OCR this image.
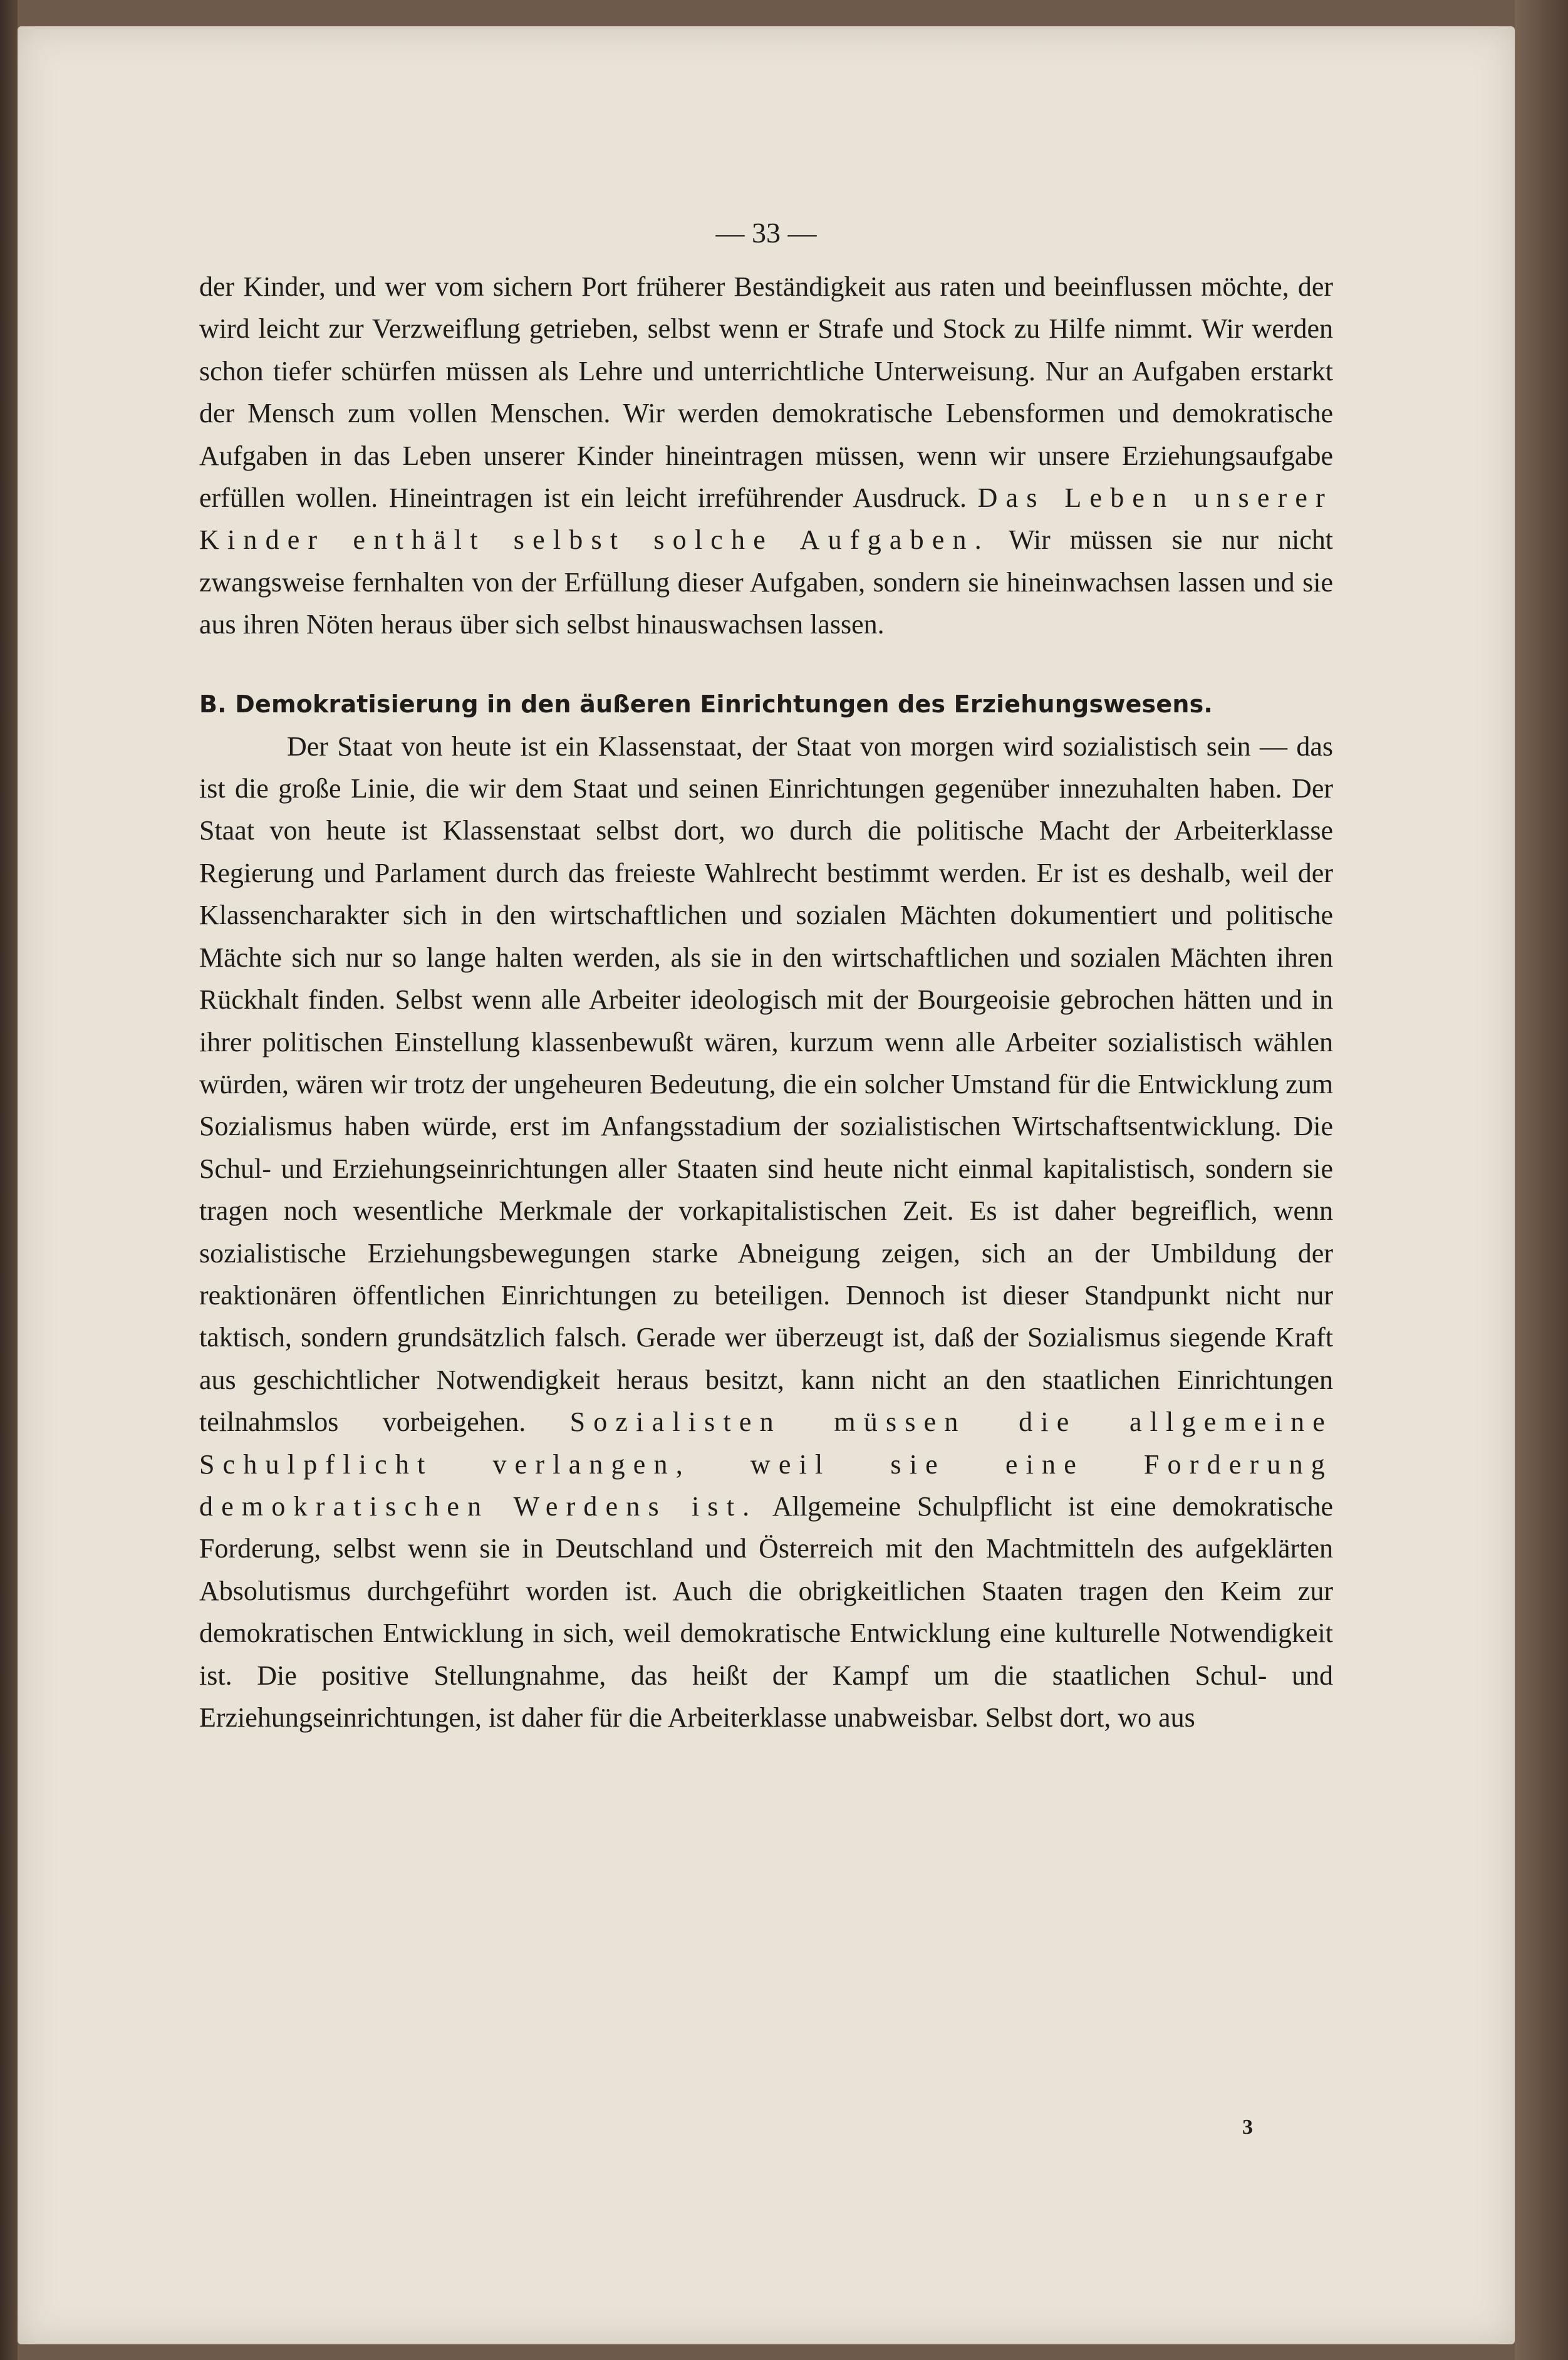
— 33 —

der Kinder, und wer vom sichern Port früherer Beständigkeit aus raten und beeinflussen möchte, der wird leicht zur Verzweiflung getrieben, selbst wenn er Strafe und Stock zu Hilfe nimmt. Wir werden schon tiefer schürfen müssen als Lehre und unterrichtliche Unterweisung. Nur an Aufgaben erstarkt der Mensch zum vollen Menschen. Wir werden demokratische Lebensformen und demokratische Aufgaben in das Leben unserer Kinder hineintragen müssen, wenn wir unsere Erziehungsaufgabe erfüllen wollen. Hineintragen ist ein leicht irreführender Ausdruck. Das Leben unserer Kinder enthält selbst solche Aufgaben. Wir müssen sie nur nicht zwangsweise fernhalten von der Erfüllung dieser Aufgaben, sondern sie hineinwachsen lassen und sie aus ihren Nöten heraus über sich selbst hinauswachsen lassen.

B. Demokratisierung in den äußeren Einrichtungen des Erziehungswesens.

Der Staat von heute ist ein Klassenstaat, der Staat von morgen wird sozialistisch sein — das ist die große Linie, die wir dem Staat und seinen Einrichtungen gegenüber innezuhalten haben. Der Staat von heute ist Klassenstaat selbst dort, wo durch die politische Macht der Arbeiterklasse Regierung und Parlament durch das freieste Wahlrecht bestimmt werden. Er ist es deshalb, weil der Klassencharakter sich in den wirtschaftlichen und sozialen Mächten dokumentiert und politische Mächte sich nur so lange halten werden, als sie in den wirtschaftlichen und sozialen Mächten ihren Rückhalt finden. Selbst wenn alle Arbeiter ideologisch mit der Bourgeoisie gebrochen hätten und in ihrer politischen Einstellung klassenbewußt wären, kurzum wenn alle Arbeiter sozialistisch wählen würden, wären wir trotz der ungeheuren Bedeutung, die ein solcher Umstand für die Entwicklung zum Sozialismus haben würde, erst im Anfangsstadium der sozialistischen Wirtschaftsentwicklung. Die Schul- und Erziehungseinrichtungen aller Staaten sind heute nicht einmal kapitalistisch, sondern sie tragen noch wesentliche Merkmale der vorkapitalistischen Zeit. Es ist daher begreiflich, wenn sozialistische Erziehungsbewegungen starke Abneigung zeigen, sich an der Umbildung der reaktionären öffentlichen Einrichtungen zu beteiligen. Dennoch ist dieser Standpunkt nicht nur taktisch, sondern grundsätzlich falsch. Gerade wer überzeugt ist, daß der Sozialismus siegende Kraft aus geschichtlicher Notwendigkeit heraus besitzt, kann nicht an den staatlichen Einrichtungen teilnahmslos vorbeigehen. Sozialisten müssen die allgemeine Schulpflicht verlangen, weil sie eine Forderung demokratischen Werdens ist. Allgemeine Schulpflicht ist eine demokratische Forderung, selbst wenn sie in Deutschland und Österreich mit den Machtmitteln des aufgeklärten Absolutismus durchgeführt worden ist. Auch die obrigkeitlichen Staaten tragen den Keim zur demokratischen Entwicklung in sich, weil demokratische Entwicklung eine kulturelle Notwendigkeit ist. Die positive Stellungnahme, das heißt der Kampf um die staatlichen Schul- und Erziehungseinrichtungen, ist daher für die Arbeiterklasse unabweisbar. Selbst dort, wo aus

3
